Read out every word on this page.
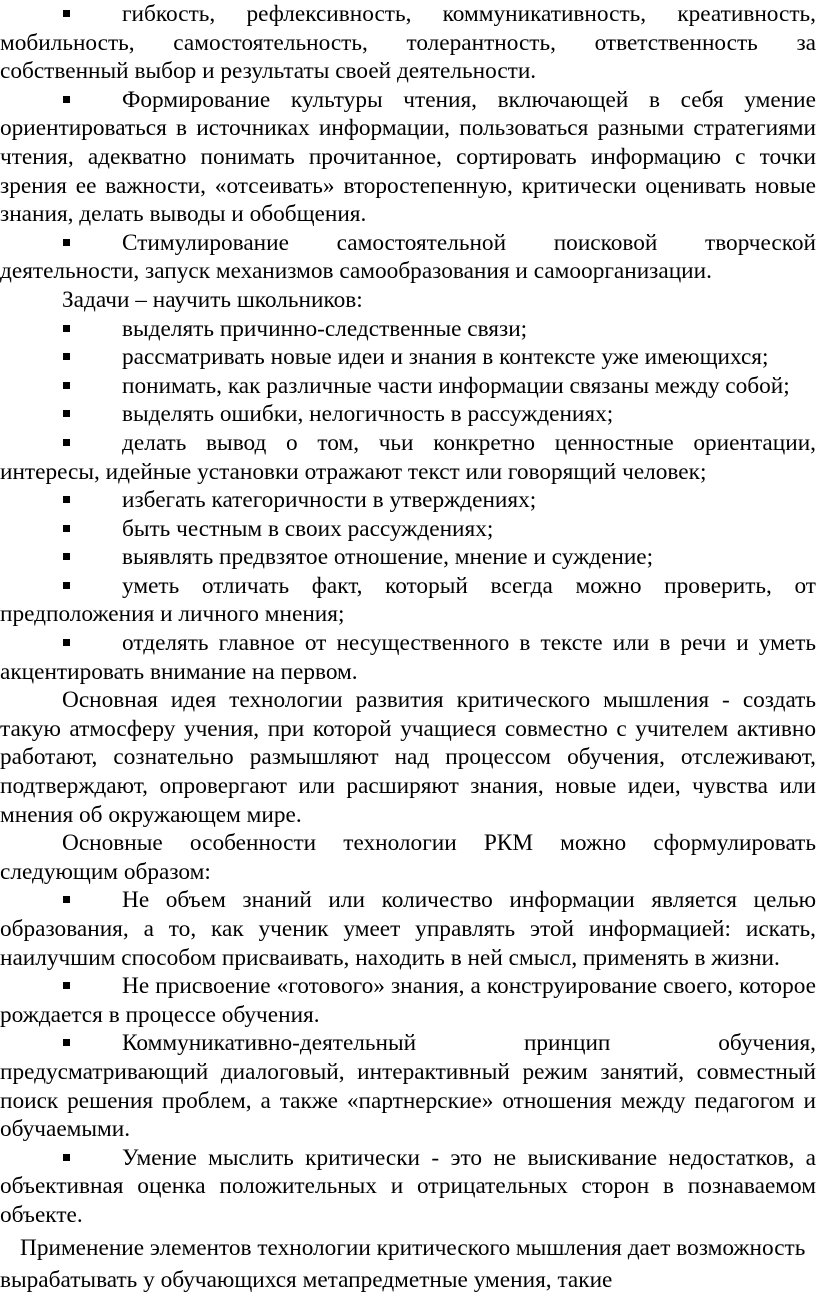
гибкость, рефлексивность, коммуникативность, креативность, мобильность, самостоятельность, толерантность, ответственность за собственный выбор и результаты своей деятельности.

Формирование культуры чтения, включающей в себя умение ориентироваться в источниках информации, пользоваться разными стратегиями чтения, адекватно понимать прочитанное, сортировать информацию с точки зрения ее важности, «отсеивать» второстепенную, критически оценивать новые знания, делать выводы и обобщения.

Стимулирование самостоятельной поисковой творческой деятельности, запуск механизмов самообразования и самоорганизации.

Задачи – научить школьников:

выделять причинно-следственные связи;

рассматривать новые идеи и знания в контексте уже имеющихся;

понимать, как различные части информации связаны между собой;

выделять ошибки, нелогичность в рассуждениях;

делать вывод о том, чьи конкретно ценностные ориентации, интересы, идейные установки отражают текст или говорящий человек;

избегать категоричности в утверждениях;

быть честным в своих рассуждениях;

выявлять предвзятое отношение, мнение и суждение;

уметь отличать факт, который всегда можно проверить, от предположения и личного мнения;

отделять главное от несущественного в тексте или в речи и уметь акцентировать внимание на первом.

Основная идея технологии развития критического мышления - создать такую атмосферу учения, при которой учащиеся совместно с учителем активно работают, сознательно размышляют над процессом обучения, отслеживают, подтверждают, опровергают или расширяют знания, новые идеи, чувства или мнения об окружающем мире.

Основные особенности технологии РКМ можно сформулировать следующим образом:

Не объем знаний или количество информации является целью образования, а то, как ученик умеет управлять этой информацией: искать, наилучшим способом присваивать, находить в ней смысл, применять в жизни.

Не присвоение «готового» знания, а конструирование своего, которое рождается в процессе обучения.

Коммуникативно-деятельный принцип обучения, предусматривающий диалоговый, интерактивный режим занятий, совместный поиск решения проблем, а также «партнерские» отношения между педагогом и обучаемыми.

Умение мыслить критически - это не выискивание недостатков, а объективная оценка положительных и отрицательных сторон в познаваемом объекте.

Применение элементов технологии критического мышления дает возможность вырабатывать у обучающихся метапредметные умения, такие
